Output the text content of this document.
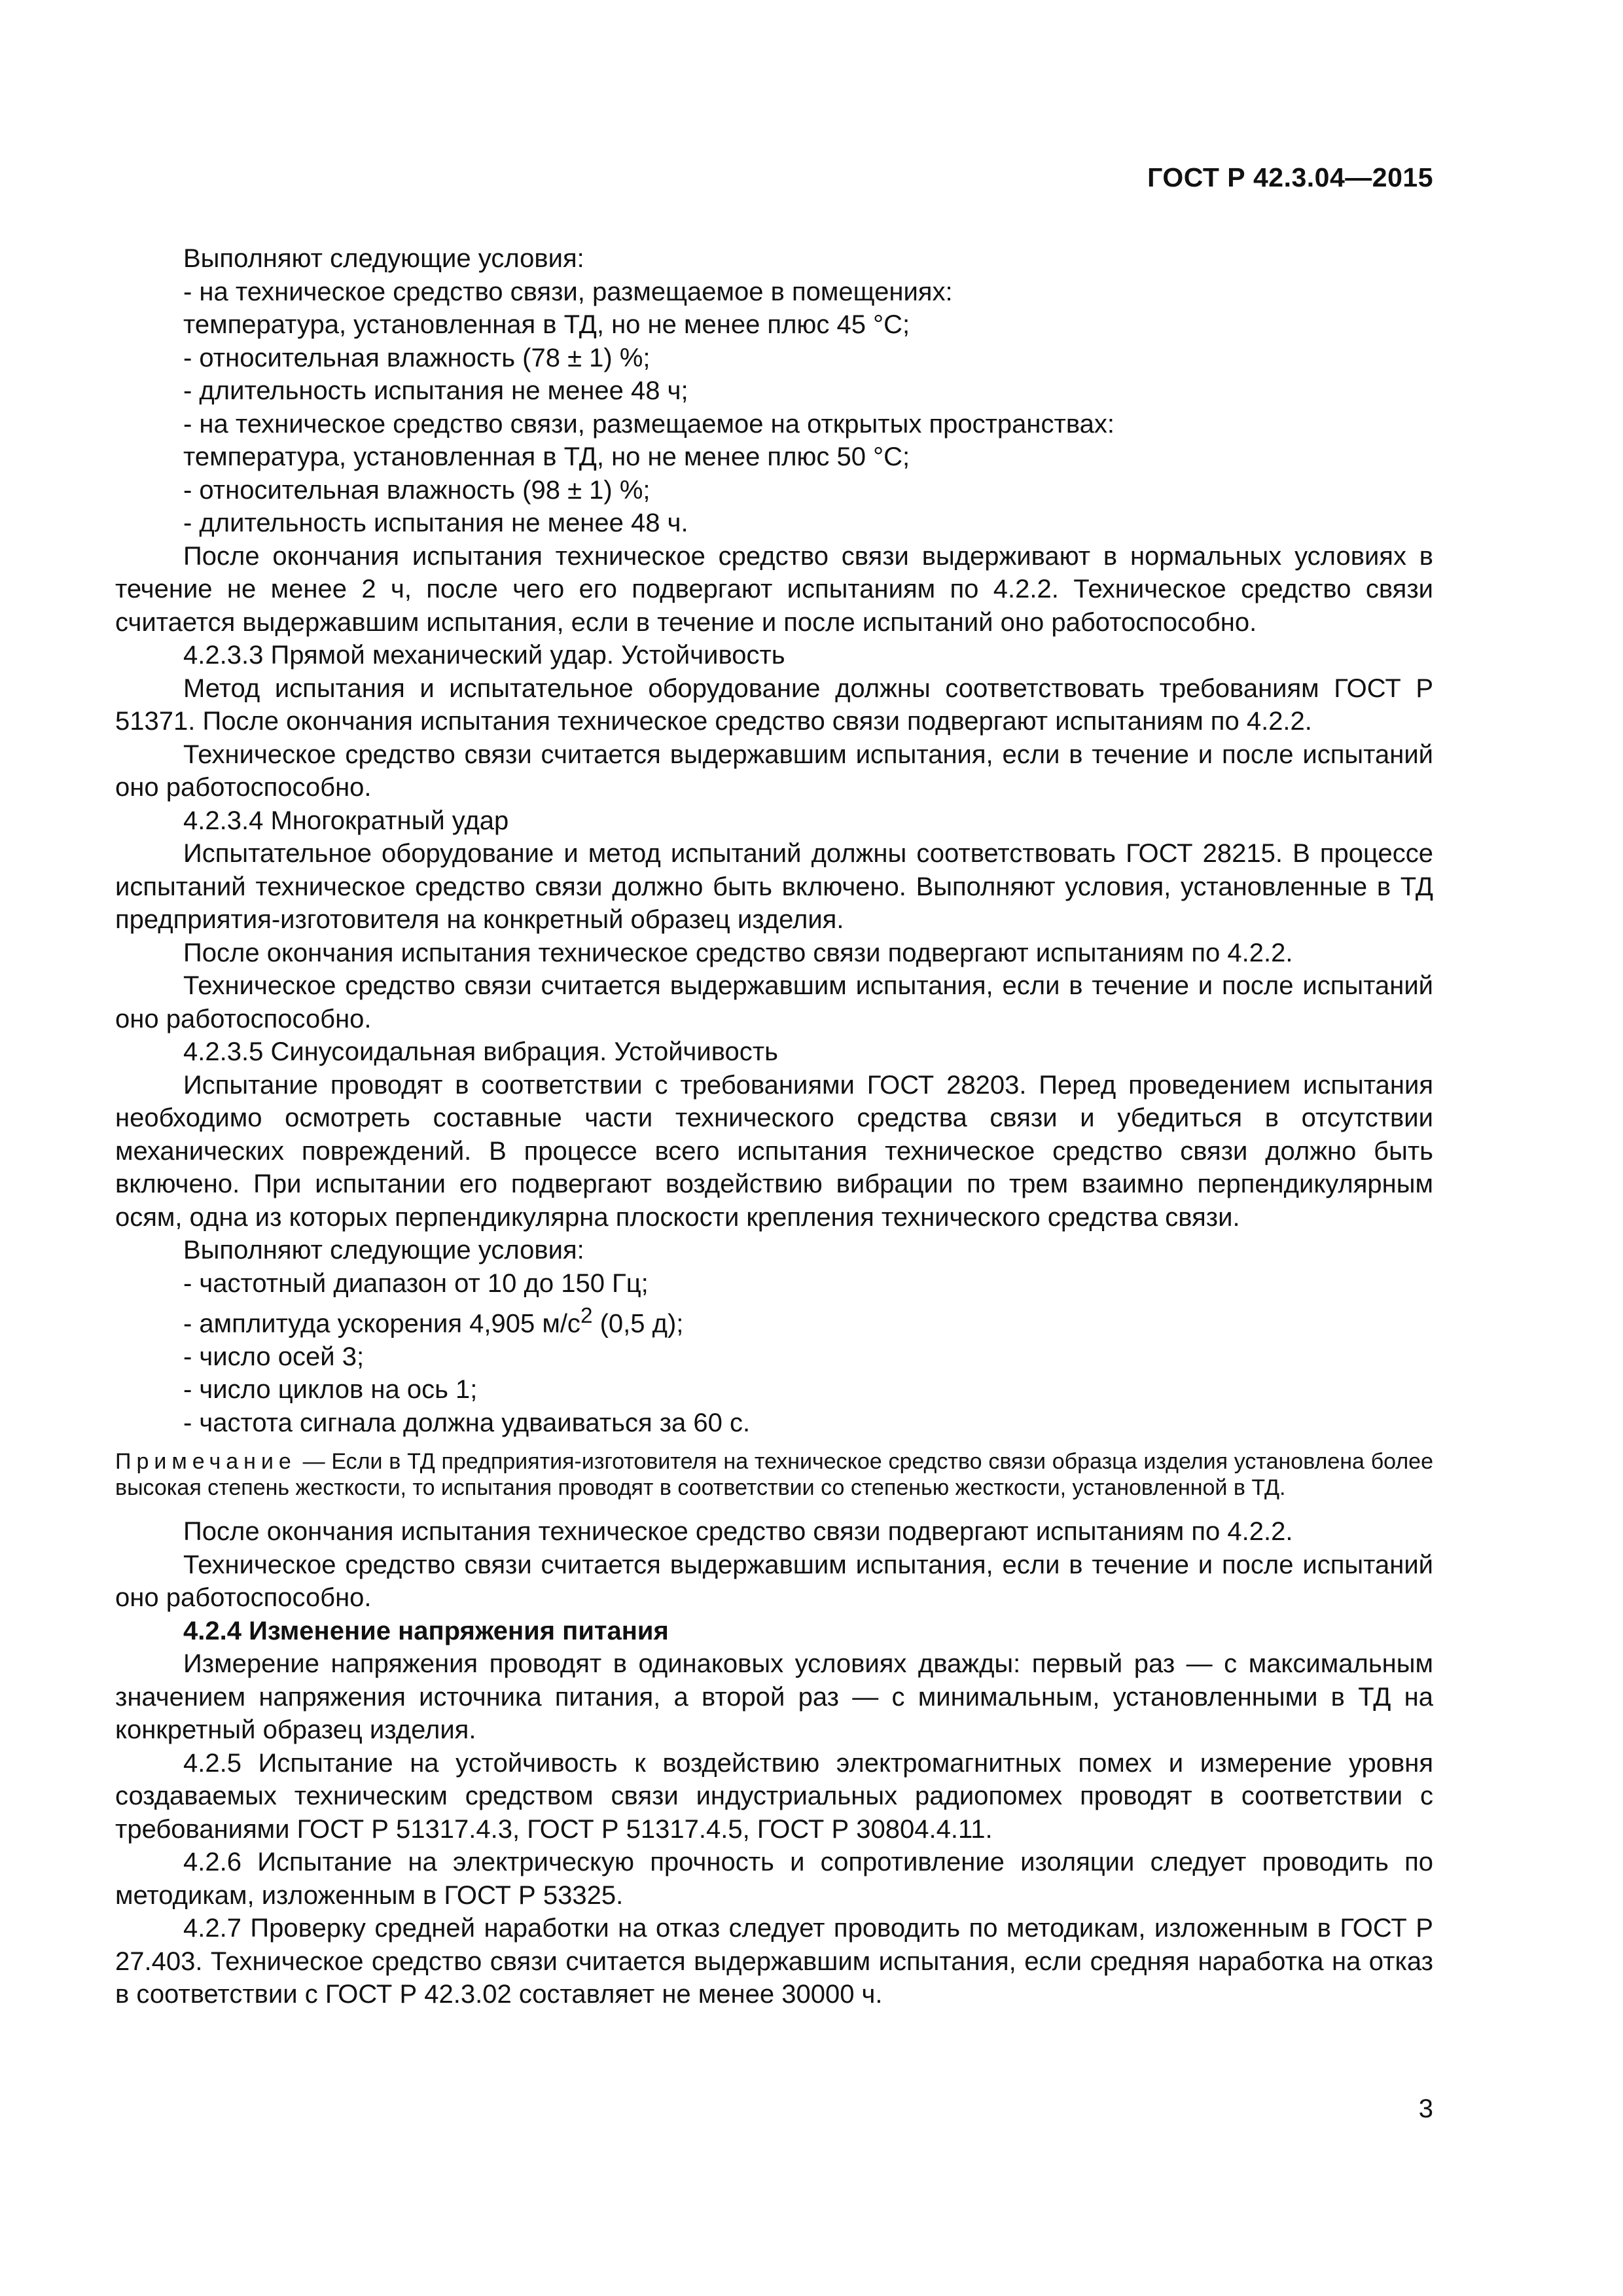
ГОСТ Р 42.3.04—2015

Выполняют следующие условия:

- на техническое средство связи, размещаемое в помещениях:

температура, установленная в ТД, но не менее плюс 45 °С;

- относительная влажность (78 ± 1) %;

- длительность испытания не менее 48 ч;

- на техническое средство связи, размещаемое на открытых пространствах:

температура, установленная в ТД, но не менее плюс 50 °С;

- относительная влажность (98 ± 1) %;

- длительность испытания не менее 48 ч.

После окончания испытания техническое средство связи выдерживают в нормальных условиях в течение не менее 2 ч, после чего его подвергают испытаниям по 4.2.2. Техническое средство связи считается выдержавшим испытания, если в течение и после испытаний оно работоспособно.

4.2.3.3 Прямой механический удар. Устойчивость

Метод испытания и испытательное оборудование должны соответствовать требованиям ГОСТ Р 51371. После окончания испытания техническое средство связи подвергают испытаниям по 4.2.2.

Техническое средство связи считается выдержавшим испытания, если в течение и после испытаний оно работоспособно.

4.2.3.4 Многократный удар

Испытательное оборудование и метод испытаний должны соответствовать ГОСТ 28215. В процессе испытаний техническое средство связи должно быть включено. Выполняют условия, установленные в ТД предприятия-изготовителя на конкретный образец изделия.

После окончания испытания техническое средство связи подвергают испытаниям по 4.2.2.

Техническое средство связи считается выдержавшим испытания, если в течение и после испытаний оно работоспособно.

4.2.3.5 Синусоидальная вибрация. Устойчивость

Испытание проводят в соответствии с требованиями ГОСТ 28203. Перед проведением испытания необходимо осмотреть составные части технического средства связи и убедиться в отсутствии механических повреждений. В процессе всего испытания техническое средство связи должно быть включено. При испытании его подвергают воздействию вибрации по трем взаимно перпендикулярным осям, одна из которых перпендикулярна плоскости крепления технического средства связи.

Выполняют следующие условия:

- частотный диапазон от 10 до 150 Гц;

- амплитуда ускорения 4,905 $м/с^2$ (0,5 д);

- число осей 3;

- число циклов на ось 1;

- частота сигнала должна удваиваться за 60 с.

Примечание — Если в ТД предприятия-изготовителя на техническое средство связи образца изделия установлена более высокая степень жесткости, то испытания проводят в соответствии со степенью жесткости, установленной в ТД.

После окончания испытания техническое средство связи подвергают испытаниям по 4.2.2.

Техническое средство связи считается выдержавшим испытания, если в течение и после испытаний оно работоспособно.

4.2.4 Изменение напряжения питания

Измерение напряжения проводят в одинаковых условиях дважды: первый раз — с максимальным значением напряжения источника питания, а второй раз — с минимальным, установленными в ТД на конкретный образец изделия.

4.2.5 Испытание на устойчивость к воздействию электромагнитных помех и измерение уровня создаваемых техническим средством связи индустриальных радиопомех проводят в соответствии с требованиями ГОСТ Р 51317.4.3, ГОСТ Р 51317.4.5, ГОСТ Р 30804.4.11.

4.2.6 Испытание на электрическую прочность и сопротивление изоляции следует проводить по методикам, изложенным в ГОСТ Р 53325.

4.2.7 Проверку средней наработки на отказ следует проводить по методикам, изложенным в ГОСТ Р 27.403. Техническое средство связи считается выдержавшим испытания, если средняя наработка на отказ в соответствии с ГОСТ Р 42.3.02 составляет не менее 30000 ч.

3
